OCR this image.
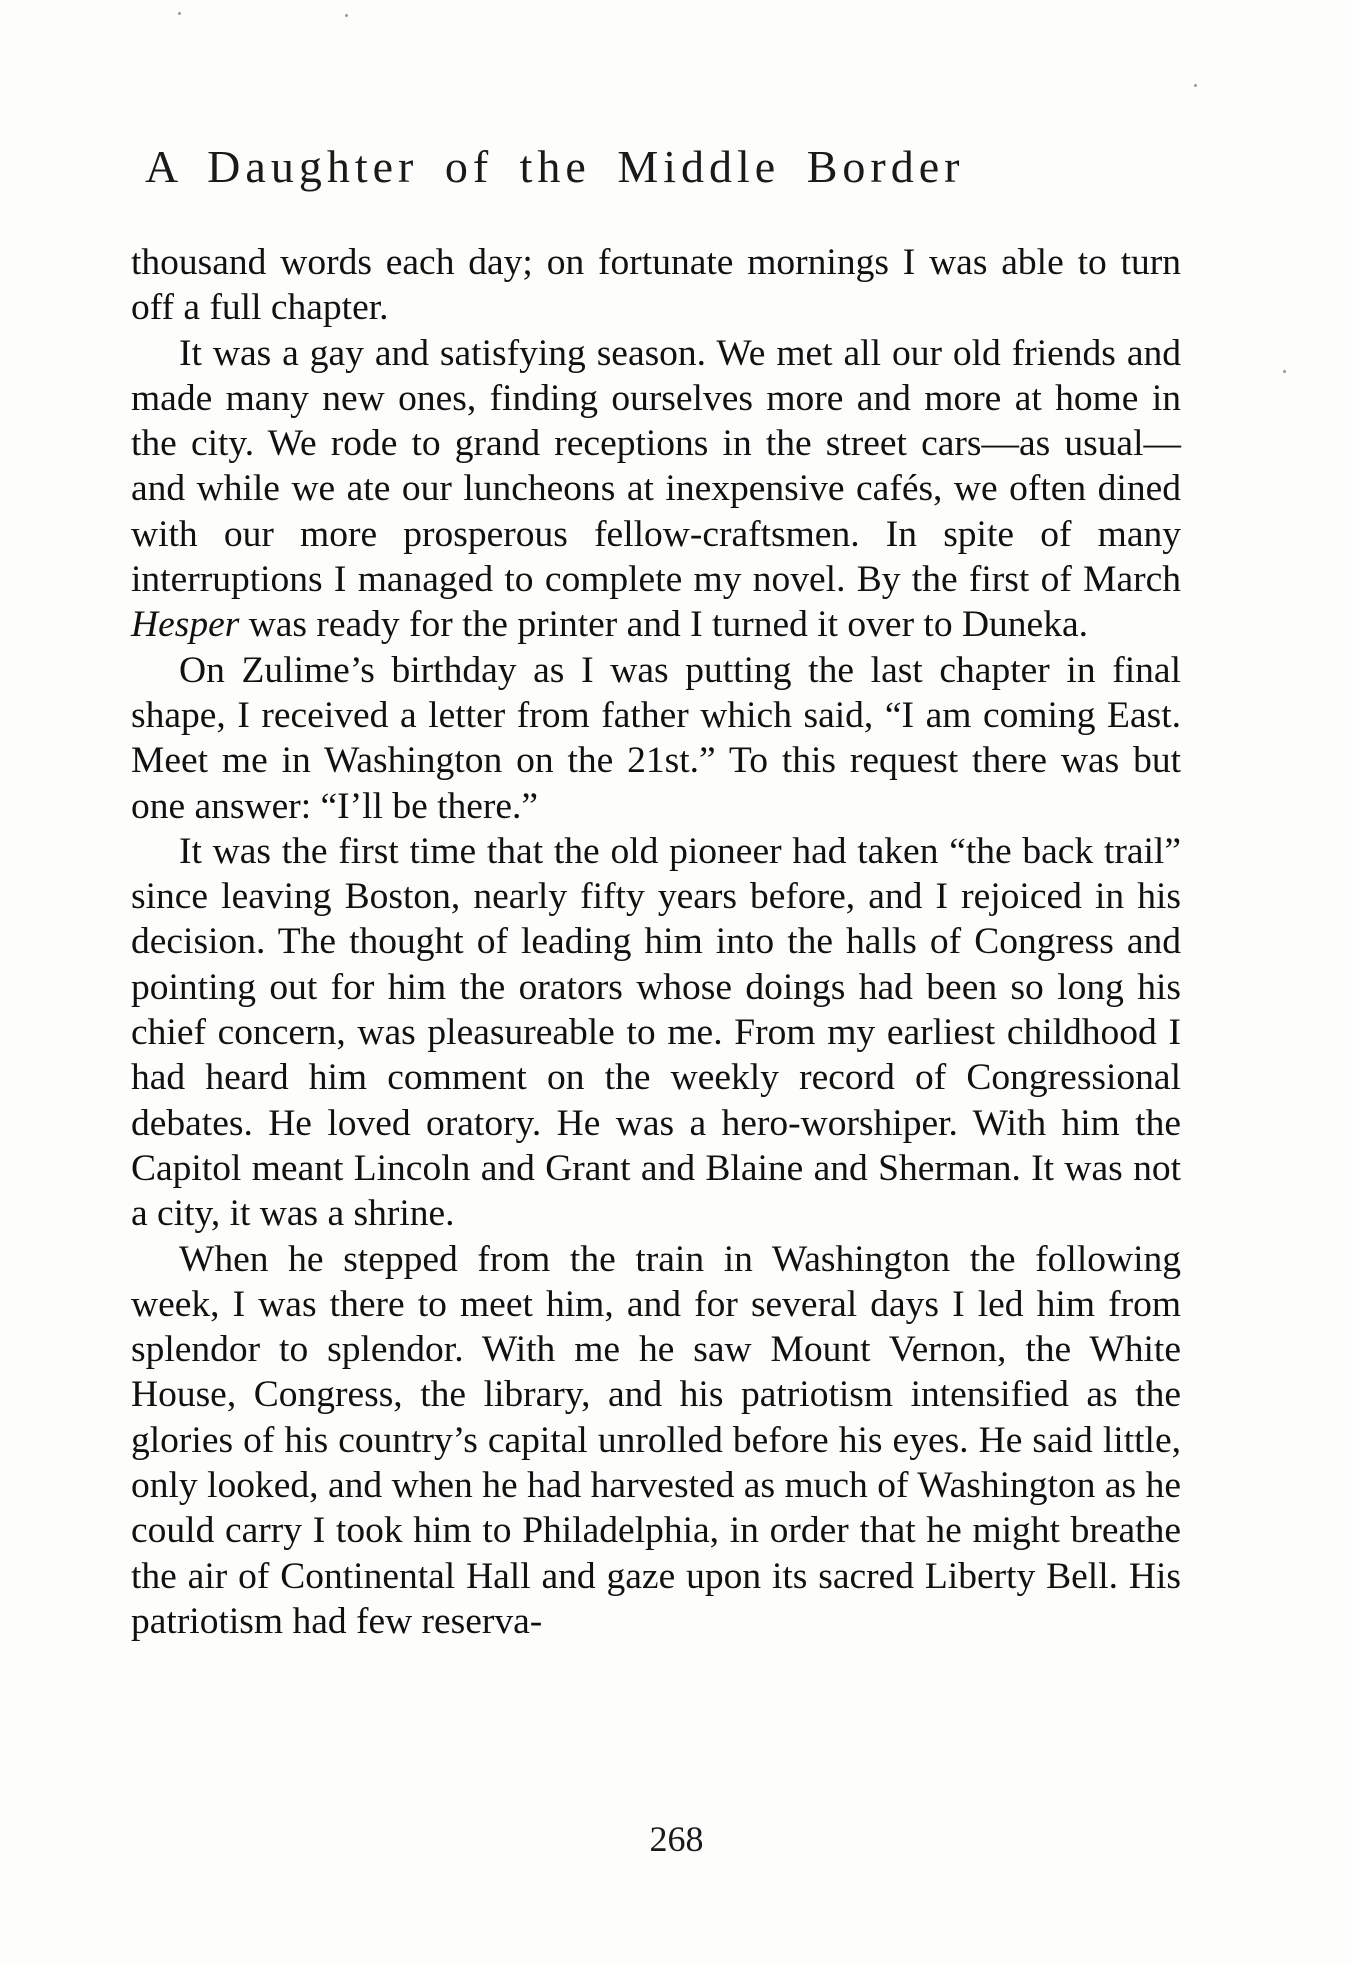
A Daughter of the Middle Border

thousand words each day; on fortunate mornings I was able to turn off a full chapter.

It was a gay and satisfying season. We met all our old friends and made many new ones, finding ourselves more and more at home in the city. We rode to grand receptions in the street cars—as usual—and while we ate our luncheons at inexpensive cafés, we often dined with our more prosperous fellow-craftsmen. In spite of many interruptions I managed to complete my novel. By the first of March Hesper was ready for the printer and I turned it over to Duneka.

On Zulime’s birthday as I was putting the last chapter in final shape, I received a letter from father which said, “I am coming East. Meet me in Washington on the 21st.” To this request there was but one answer: “I’ll be there.”

It was the first time that the old pioneer had taken “the back trail” since leaving Boston, nearly fifty years before, and I rejoiced in his decision. The thought of leading him into the halls of Congress and pointing out for him the orators whose doings had been so long his chief concern, was pleasureable to me. From my earliest childhood I had heard him comment on the weekly record of Congressional debates. He loved oratory. He was a hero-worshiper. With him the Capitol meant Lincoln and Grant and Blaine and Sherman. It was not a city, it was a shrine.

When he stepped from the train in Washington the following week, I was there to meet him, and for several days I led him from splendor to splendor. With me he saw Mount Vernon, the White House, Congress, the library, and his patriotism intensified as the glories of his country’s capital unrolled before his eyes. He said little, only looked, and when he had harvested as much of Washington as he could carry I took him to Philadelphia, in order that he might breathe the air of Continental Hall and gaze upon its sacred Liberty Bell. His patriotism had few reserva-

268
